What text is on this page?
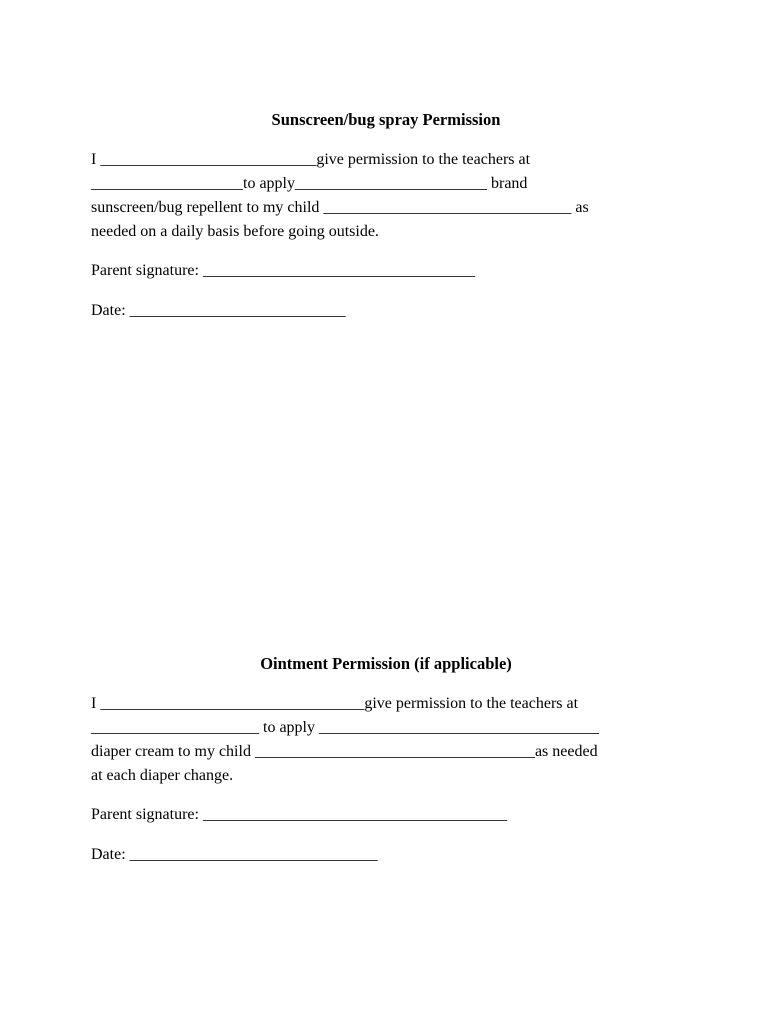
Sunscreen/bug spray Permission

I ___________________________give permission to the teachers at

___________________to apply________________________ brand

sunscreen/bug repellent to my child _______________________________ as

needed on a daily basis before going outside.

Parent signature: __________________________________

Date: ___________________________

Ointment Permission (if applicable)

I _________________________________give permission to the teachers at

_____________________ to apply ___________________________________

diaper cream to my child ___________________________________as needed

at each diaper change.

Parent signature: ______________________________________

Date: _______________________________
